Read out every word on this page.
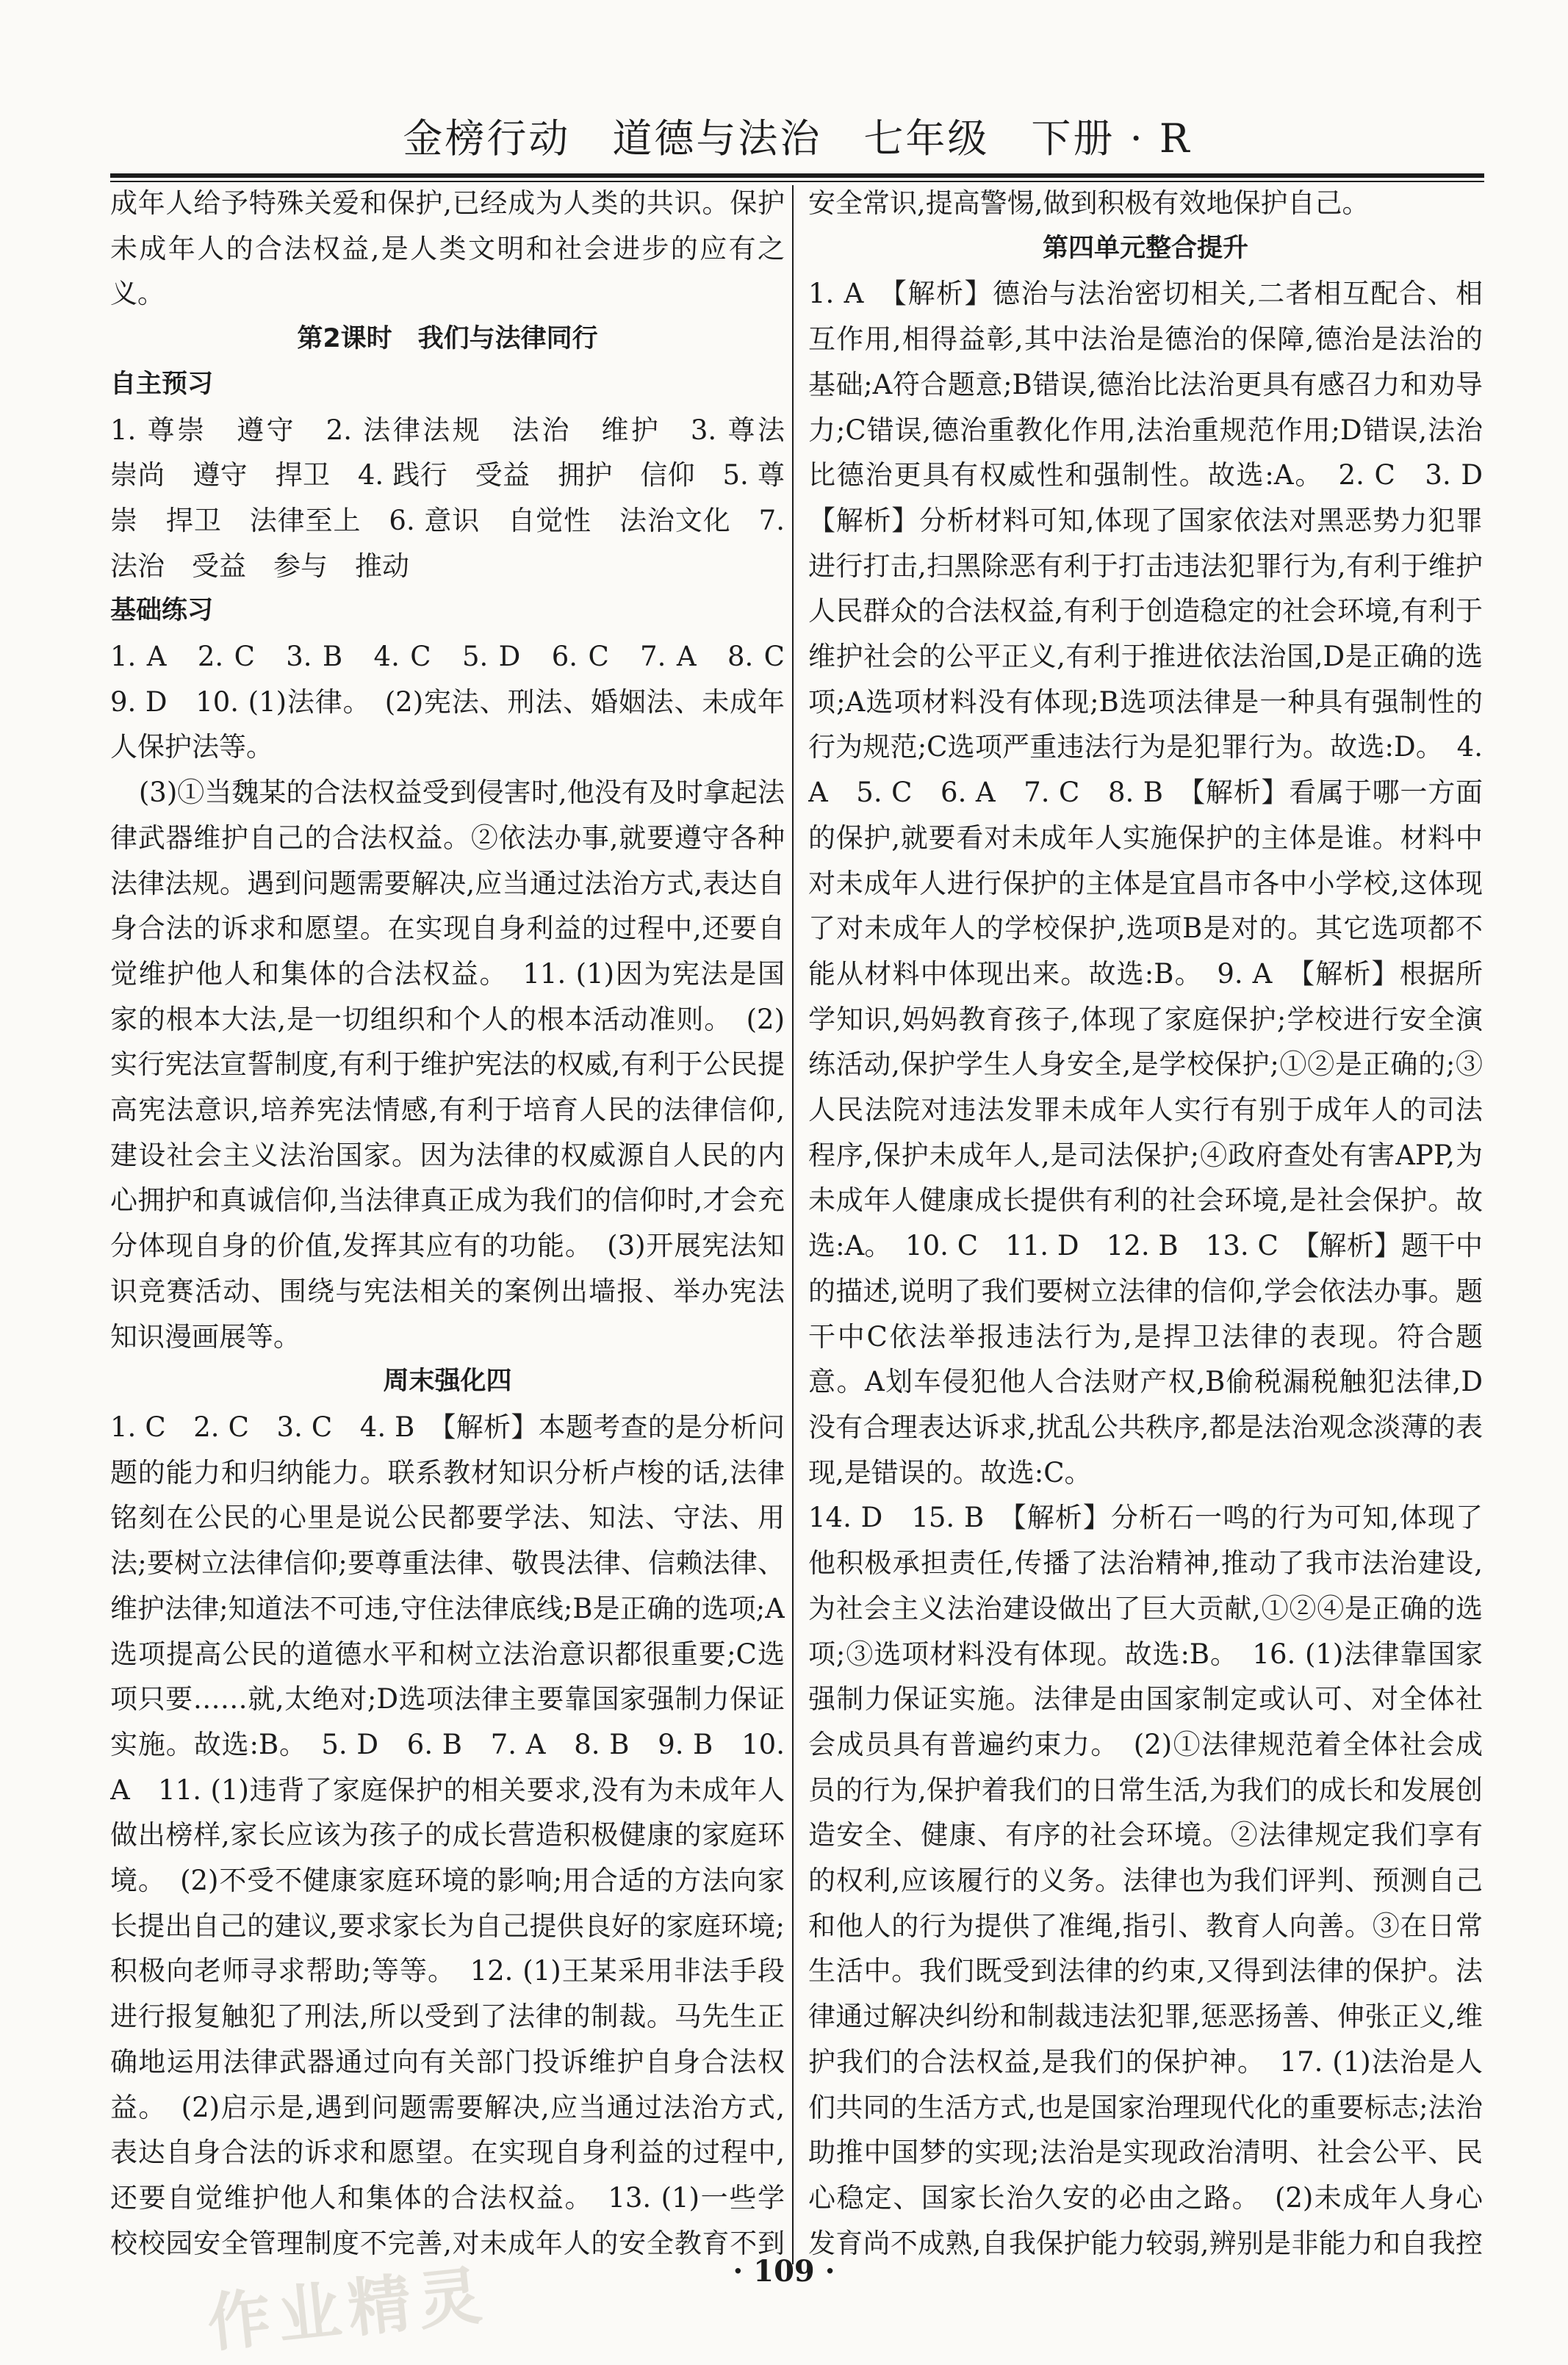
金榜行动　道德与法治　七年级　下册 · R

成年人给予特殊关爱和保护,已经成为人类的共识。保护未成年人的合法权益,是人类文明和社会进步的应有之义。

第2课时　我们与法律同行

自主预习

1. 尊崇　遵守　2. 法律法规　法治　维护　3. 尊法　崇尚　遵守　捍卫　4. 践行　受益　拥护　信仰　5. 尊崇　捍卫　法律至上　6. 意识　自觉性　法治文化　7. 法治　受益　参与　推动

基础练习

1. A　2. C　3. B　4. C　5. D　6. C　7. A　8. C　9. D　10. (1)法律。　(2)宪法、刑法、婚姻法、未成年人保护法等。

(3)①当魏某的合法权益受到侵害时,他没有及时拿起法律武器维护自己的合法权益。②依法办事,就要遵守各种法律法规。遇到问题需要解决,应当通过法治方式,表达自身合法的诉求和愿望。在实现自身利益的过程中,还要自觉维护他人和集体的合法权益。　11. (1)因为宪法是国家的根本大法,是一切组织和个人的根本活动准则。　(2)实行宪法宣誓制度,有利于维护宪法的权威,有利于公民提高宪法意识,培养宪法情感,有利于培育人民的法律信仰,建设社会主义法治国家。因为法律的权威源自人民的内心拥护和真诚信仰,当法律真正成为我们的信仰时,才会充分体现自身的价值,发挥其应有的功能。　(3)开展宪法知识竞赛活动、围绕与宪法相关的案例出墙报、举办宪法知识漫画展等。

周末强化四

1. C　2. C　3. C　4. B　【解析】本题考查的是分析问题的能力和归纳能力。联系教材知识分析卢梭的话,法律铭刻在公民的心里是说公民都要学法、知法、守法、用法;要树立法律信仰;要尊重法律、敬畏法律、信赖法律、维护法律;知道法不可违,守住法律底线;B是正确的选项;A选项提高公民的道德水平和树立法治意识都很重要;C选项只要……就,太绝对;D选项法律主要靠国家强制力保证实施。故选:B。　5. D　6. B　7. A　8. B　9. B　10. A　11. (1)违背了家庭保护的相关要求,没有为未成年人做出榜样,家长应该为孩子的成长营造积极健康的家庭环境。　(2)不受不健康家庭环境的影响;用合适的方法向家长提出自己的建议,要求家长为自己提供良好的家庭环境;积极向老师寻求帮助;等等。　12. (1)王某采用非法手段进行报复触犯了刑法,所以受到了法律的制裁。马先生正确地运用法律武器通过向有关部门投诉维护自身合法权益。　(2)启示是,遇到问题需要解决,应当通过法治方式,表达自身合法的诉求和愿望。在实现自身利益的过程中,还要自觉维护他人和集体的合法权益。　13. (1)一些学校校园安全管理制度不完善,对未成年人的安全教育不到

安全常识,提高警惕,做到积极有效地保护自己。

第四单元整合提升

1. A　【解析】德治与法治密切相关,二者相互配合、相互作用,相得益彰,其中法治是德治的保障,德治是法治的基础;A符合题意;B错误,德治比法治更具有感召力和劝导力;C错误,德治重教化作用,法治重规范作用;D错误,法治比德治更具有权威性和强制性。故选:A。　2. C　3. D　【解析】分析材料可知,体现了国家依法对黑恶势力犯罪进行打击,扫黑除恶有利于打击违法犯罪行为,有利于维护人民群众的合法权益,有利于创造稳定的社会环境,有利于维护社会的公平正义,有利于推进依法治国,D是正确的选项;A选项材料没有体现;B选项法律是一种具有强制性的行为规范;C选项严重违法行为是犯罪行为。故选:D。　4. A　5. C　6. A　7. C　8. B　【解析】看属于哪一方面的保护,就要看对未成年人实施保护的主体是谁。材料中对未成年人进行保护的主体是宜昌市各中小学校,这体现了对未成年人的学校保护,选项B是对的。其它选项都不能从材料中体现出来。故选:B。　9. A　【解析】根据所学知识,妈妈教育孩子,体现了家庭保护;学校进行安全演练活动,保护学生人身安全,是学校保护;①②是正确的;③人民法院对违法发罪未成年人实行有别于成年人的司法程序,保护未成年人,是司法保护;④政府查处有害APP,为未成年人健康成长提供有利的社会环境,是社会保护。故选:A。　10. C　11. D　12. B　13. C　【解析】题干中的描述,说明了我们要树立法律的信仰,学会依法办事。题干中C依法举报违法行为,是捍卫法律的表现。符合题意。A划车侵犯他人合法财产权,B偷税漏税触犯法律,D没有合理表达诉求,扰乱公共秩序,都是法治观念淡薄的表现,是错误的。故选:C。

14. D　15. B　【解析】分析石一鸣的行为可知,体现了他积极承担责任,传播了法治精神,推动了我市法治建设,为社会主义法治建设做出了巨大贡献,①②④是正确的选项;③选项材料没有体现。故选:B。　16. (1)法律靠国家强制力保证实施。法律是由国家制定或认可、对全体社会成员具有普遍约束力。　(2)①法律规范着全体社会成员的行为,保护着我们的日常生活,为我们的成长和发展创造安全、健康、有序的社会环境。②法律规定我们享有的权利,应该履行的义务。法律也为我们评判、预测自己和他人的行为提供了准绳,指引、教育人向善。③在日常生活中。我们既受到法律的约束,又得到法律的保护。法律通过解决纠纷和制裁违法犯罪,惩恶扬善、伸张正义,维护我们的合法权益,是我们的保护神。　17. (1)法治是人们共同的生活方式,也是国家治理现代化的重要标志;法治助推中国梦的实现;法治是实现政治清明、社会公平、民心稳定、国家长治久安的必由之路。　(2)未成年人身心发育尚不成熟,自我保护能力较弱,辨别是非能力和自我控　

· 109 ·
作业精灵
